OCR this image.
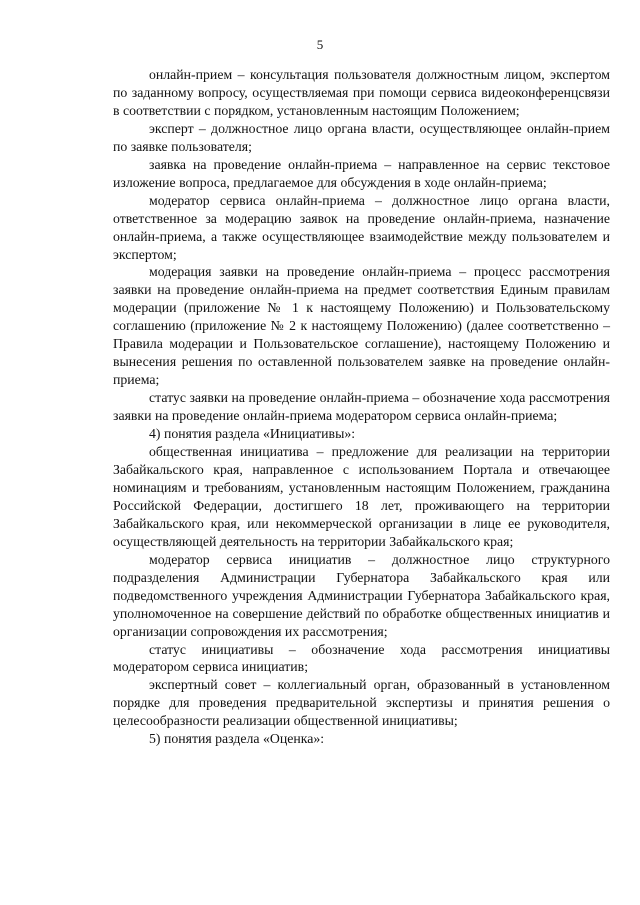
5

онлайн-прием – консультация пользователя должностным лицом, экспертом по заданному вопросу, осуществляемая при помощи сервиса видеоконференцсвязи в соответствии с порядком, установленным настоящим Положением;

эксперт – должностное лицо органа власти, осуществляющее онлайн-прием по заявке пользователя;

заявка на проведение онлайн-приема – направленное на сервис текстовое изложение вопроса, предлагаемое для обсуждения в ходе онлайн-приема;

модератор сервиса онлайн-приема – должностное лицо органа власти, ответственное за модерацию заявок на проведение онлайн-приема, назначение онлайн-приема, а также осуществляющее взаимодействие между пользователем и экспертом;

модерация заявки на проведение онлайн-приема – процесс рассмотрения заявки на проведение онлайн-приема на предмет соответствия Единым правилам модерации (приложение № 1 к настоящему Положению) и Пользовательскому соглашению (приложение № 2 к настоящему Положению) (далее соответственно – Правила модерации и Пользовательское соглашение), настоящему Положению и вынесения решения по оставленной пользователем заявке на проведение онлайн-приема;

статус заявки на проведение онлайн-приема – обозначение хода рассмотрения заявки на проведение онлайн-приема модератором сервиса онлайн-приема;

4) понятия раздела «Инициативы»:

общественная инициатива – предложение для реализации на территории Забайкальского края, направленное с использованием Портала и отвечающее номинациям и требованиям, установленным настоящим Положением, гражданина Российской Федерации, достигшего 18 лет, проживающего на территории Забайкальского края, или некоммерческой организации в лице ее руководителя, осуществляющей деятельность на территории Забайкальского края;

модератор сервиса инициатив – должностное лицо структурного подразделения Администрации Губернатора Забайкальского края или подведомственного учреждения Администрации Губернатора Забайкальского края, уполномоченное на совершение действий по обработке общественных инициатив и организации сопровождения их рассмотрения;

статус инициативы – обозначение хода рассмотрения инициативы модератором сервиса инициатив;

экспертный совет – коллегиальный орган, образованный в установленном порядке для проведения предварительной экспертизы и принятия решения о целесообразности реализации общественной инициативы;

5) понятия раздела «Оценка»:
